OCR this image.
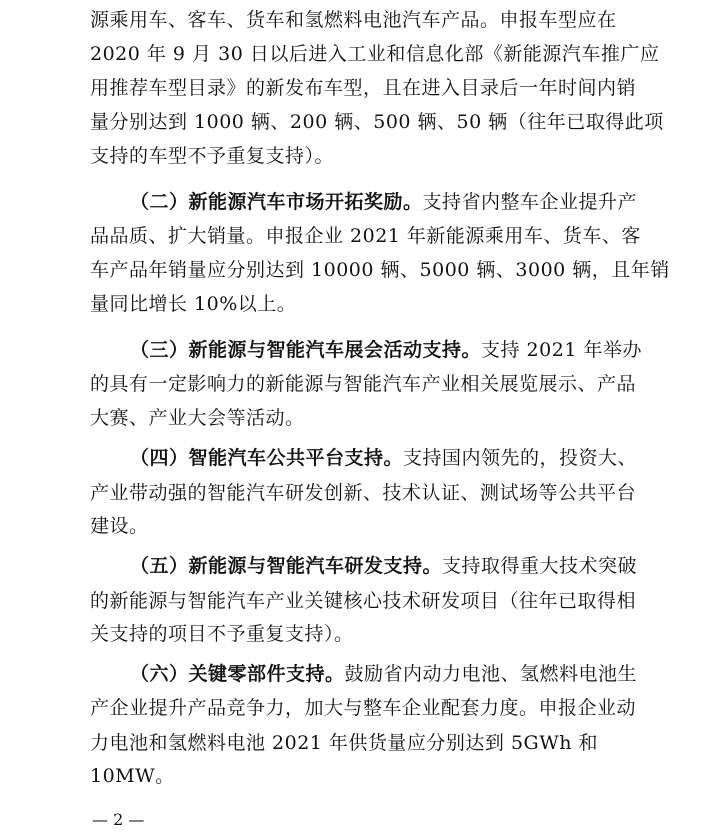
源乘用车、客车、货车和氢燃料电池汽车产品。申报车型应在
2020 年 9 月 30 日以后进入工业和信息化部《新能源汽车推广应
用推荐车型目录》的新发布车型，且在进入目录后一年时间内销
量分别达到 1000 辆、200 辆、500 辆、50 辆（往年已取得此项
支持的车型不予重复支持）。
（二）新能源汽车市场开拓奖励。支持省内整车企业提升产
品品质、扩大销量。申报企业 2021 年新能源乘用车、货车、客
车产品年销量应分别达到 10000 辆、5000 辆、3000 辆，且年销
量同比增长 10%以上。
（三）新能源与智能汽车展会活动支持。支持 2021 年举办
的具有一定影响力的新能源与智能汽车产业相关展览展示、产品
大赛、产业大会等活动。
（四）智能汽车公共平台支持。支持国内领先的，投资大、
产业带动强的智能汽车研发创新、技术认证、测试场等公共平台
建设。
（五）新能源与智能汽车研发支持。支持取得重大技术突破
的新能源与智能汽车产业关键核心技术研发项目（往年已取得相
关支持的项目不予重复支持）。
（六）关键零部件支持。鼓励省内动力电池、氢燃料电池生
产企业提升产品竞争力，加大与整车企业配套力度。申报企业动
力电池和氢燃料电池 2021 年供货量应分别达到 5GWh 和
10MW。
— 2 —
